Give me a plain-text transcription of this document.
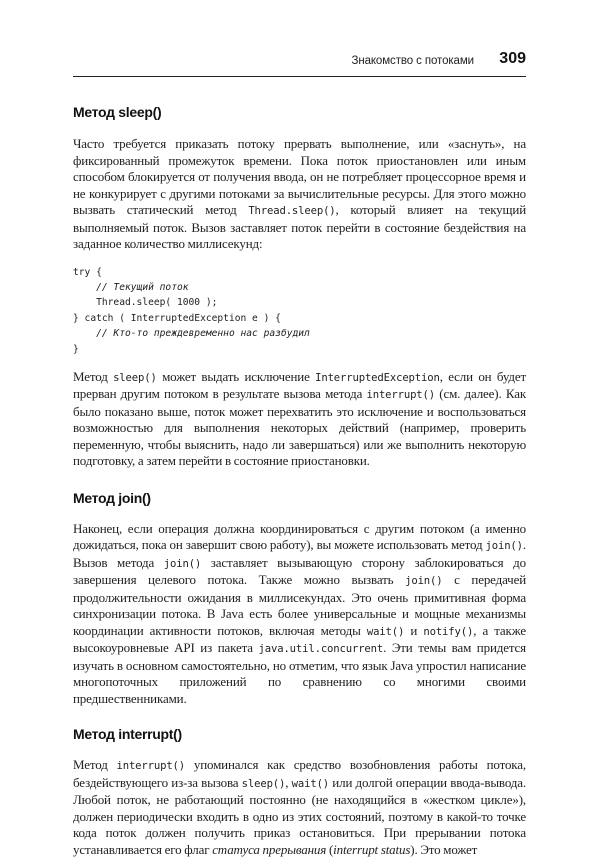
Знакомство с потоками 309
Метод sleep()

Часто требуется приказать потоку прервать выполнение, или «заснуть», на фиксированный промежуток времени. Пока поток приостановлен или иным способом блокируется от получения ввода, он не потребляет процессорное время и не конкурирует с другими потоками за вычислительные ресурсы. Для этого можно вызвать статический метод Thread.sleep(), который влияет на текущий выполняемый поток. Вызов заставляет поток перейти в состояние бездействия на заданное количество миллисекунд:

try {
// Текущий поток
Thread.sleep( 1000 );
} catch ( InterruptedException e ) {
// Кто-то преждевременно нас разбудил
}

Метод sleep() может выдать исключение InterruptedException, если он будет прерван другим потоком в результате вызова метода interrupt() (см. далее). Как было показано выше, поток может перехватить это исключение и воспользоваться возможностью для выполнения некоторых действий (например, проверить переменную, чтобы выяснить, надо ли завершаться) или же выполнить некоторую подготовку, а затем перейти в состояние приостановки.

Метод join()

Наконец, если операция должна координироваться с другим потоком (а именно дожидаться, пока он завершит свою работу), вы можете использовать метод join(). Вызов метода join() заставляет вызывающую сторону заблокироваться до завершения целевого потока. Также можно вызвать join() с передачей продолжительности ожидания в миллисекундах. Это очень примитивная форма синхронизации потока. В Java есть более универсальные и мощные механизмы координации активности потоков, включая методы wait() и notify(), а также высокоуровневые API из пакета java.util.concurrent. Эти темы вам придется изучать в основном самостоятельно, но отметим, что язык Java упростил написание многопоточных приложений по сравнению со многими своими предшественниками.

Метод interrupt()

Метод interrupt() упоминался как средство возобновления работы потока, бездействующего из-за вызова sleep(), wait() или долгой операции ввода-вывода. Любой поток, не работающий постоянно (не находящийся в «жестком цикле»), должен периодически входить в одно из этих состояний, поэтому в какой-то точке кода поток должен получить приказ остановиться. При прерывании потока устанавливается его флаг статуса прерывания (interrupt status). Это может
